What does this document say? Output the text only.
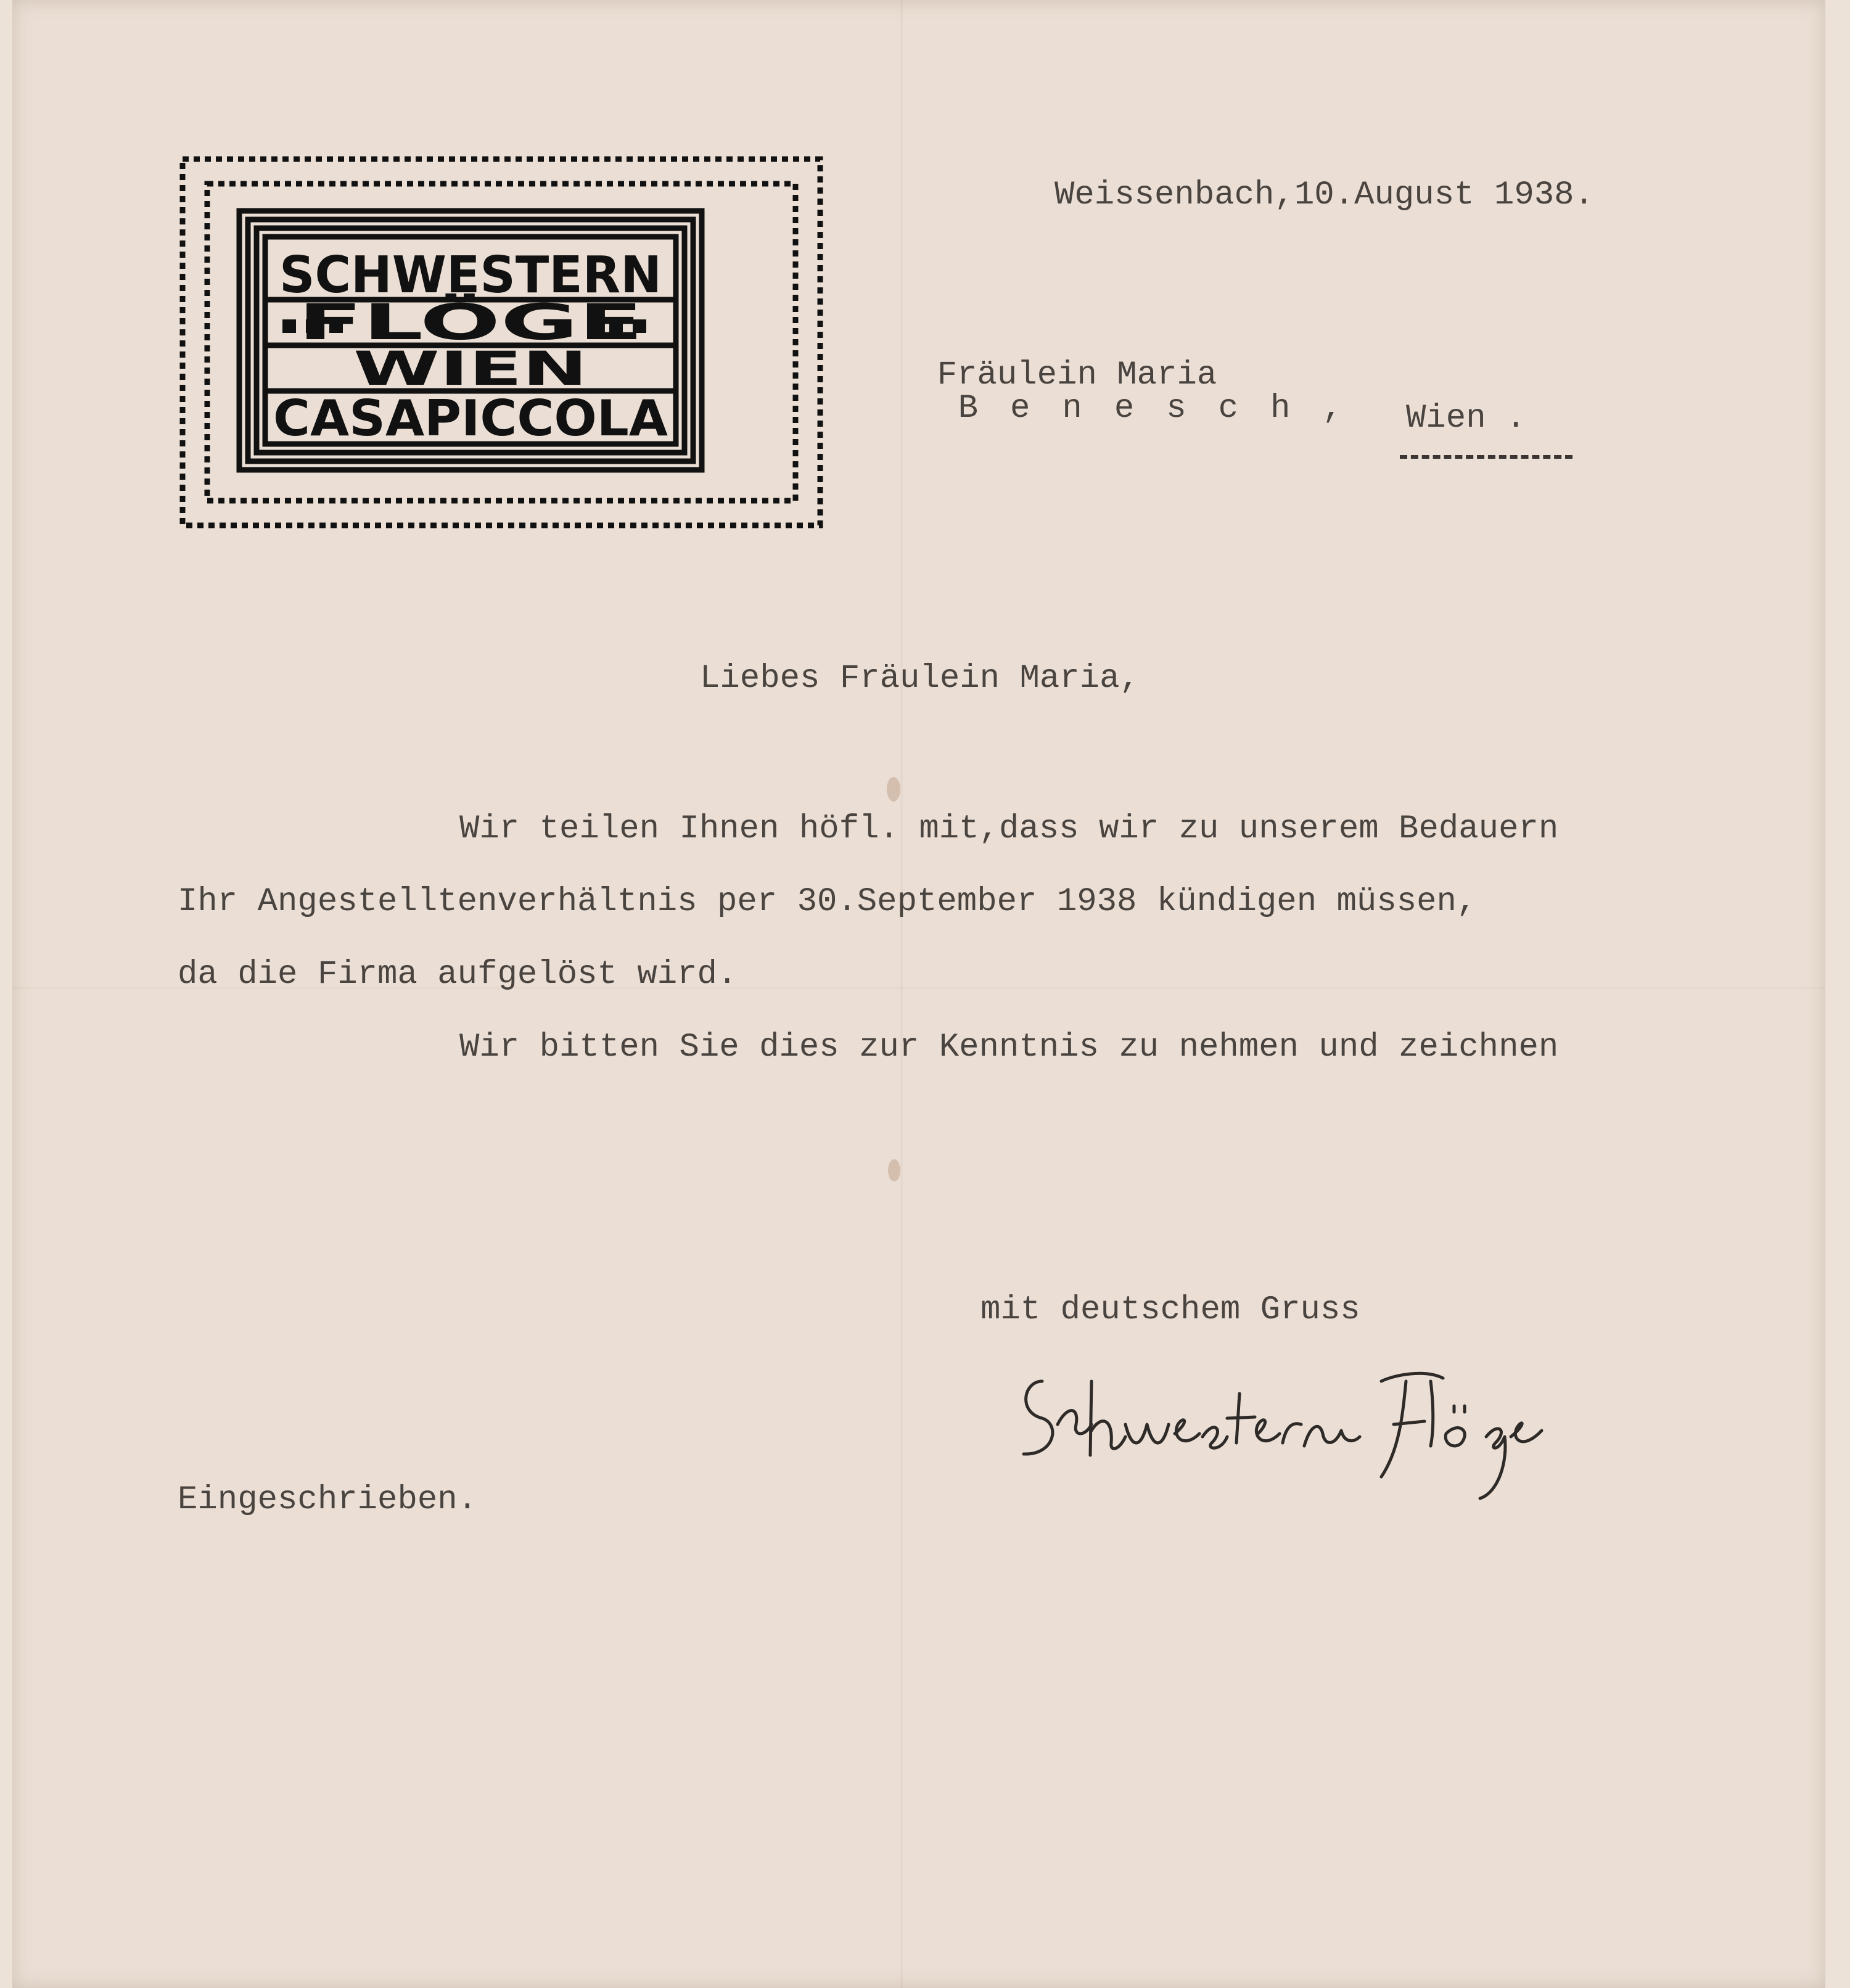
SCHWESTERN
FLÖGE
WIEN
CASAPICCOLA
Weissenbach,10.August 1938.

Fräulein Maria
Benesch,
Wien .
Liebes Fräulein Maria,
Wir teilen Ihnen höfl. mit,dass wir zu unserem Bedauern
Ihr Angestelltenverhältnis per 30.September 1938 kündigen müssen,
da die Firma aufgelöst wird.
Wir bitten Sie dies zur Kenntnis zu nehmen und zeichnen
mit deutschem Gruss
Eingeschrieben.
